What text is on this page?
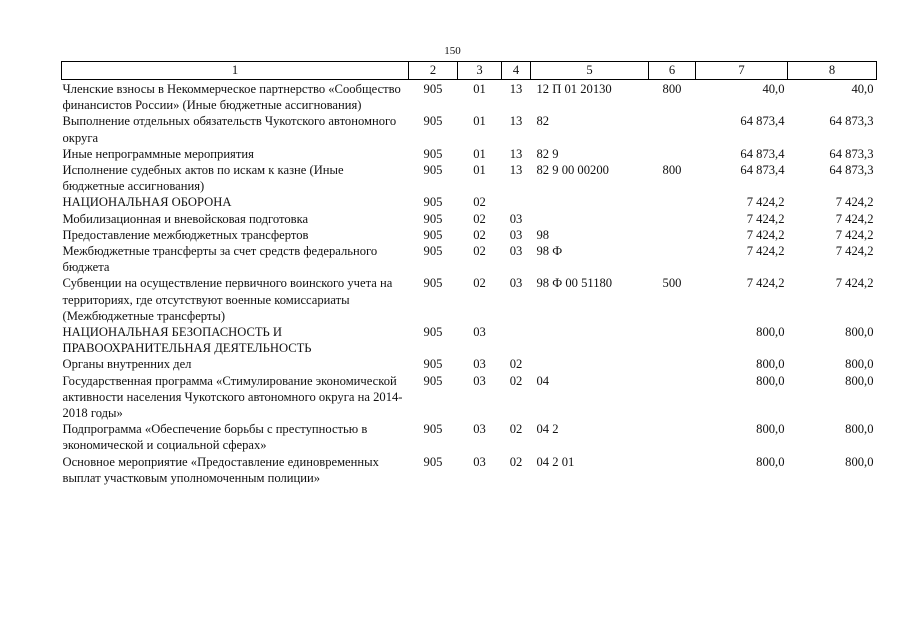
150
1	2	3	4	5	6	7	8
Членские взносы в Некоммерческое партнерство «Сообщество финансистов России» (Иные бюджетные ассигнования)	905	01	13	12 П 01 20130	800	40,0	40,0
Выполнение отдельных обязательств Чукотского автономного округа	905	01	13	82		64 873,4	64 873,3
Иные непрограммные мероприятия	905	01	13	82 9		64 873,4	64 873,3
Исполнение судебных актов по искам к казне (Иные бюджетные ассигнования)	905	01	13	82 9 00 00200	800	64 873,4	64 873,3
НАЦИОНАЛЬНАЯ ОБОРОНА	905	02				7 424,2	7 424,2
Мобилизационная и вневойсковая подготовка	905	02	03			7 424,2	7 424,2
Предоставление межбюджетных трансфертов	905	02	03	98		7 424,2	7 424,2
Межбюджетные трансферты за счет средств федерального бюджета	905	02	03	98 Ф		7 424,2	7 424,2
Субвенции на осуществление первичного воинского учета на территориях, где отсутствуют военные комиссариаты (Межбюджетные трансферты)	905	02	03	98 Ф 00 51180	500	7 424,2	7 424,2
НАЦИОНАЛЬНАЯ БЕЗОПАСНОСТЬ И ПРАВООХРАНИТЕЛЬНАЯ ДЕЯТЕЛЬНОСТЬ	905	03				800,0	800,0
Органы внутренних дел	905	03	02			800,0	800,0
Государственная программа «Стимулирование экономической активности населения Чукотского автономного округа на 2014-2018 годы»	905	03	02	04		800,0	800,0
Подпрограмма «Обеспечение борьбы с преступностью в экономической и социальной сферах»	905	03	02	04 2		800,0	800,0
Основное мероприятие «Предоставление единовременных выплат участковым уполномоченным полиции»	905	03	02	04 2 01		800,0	800,0
